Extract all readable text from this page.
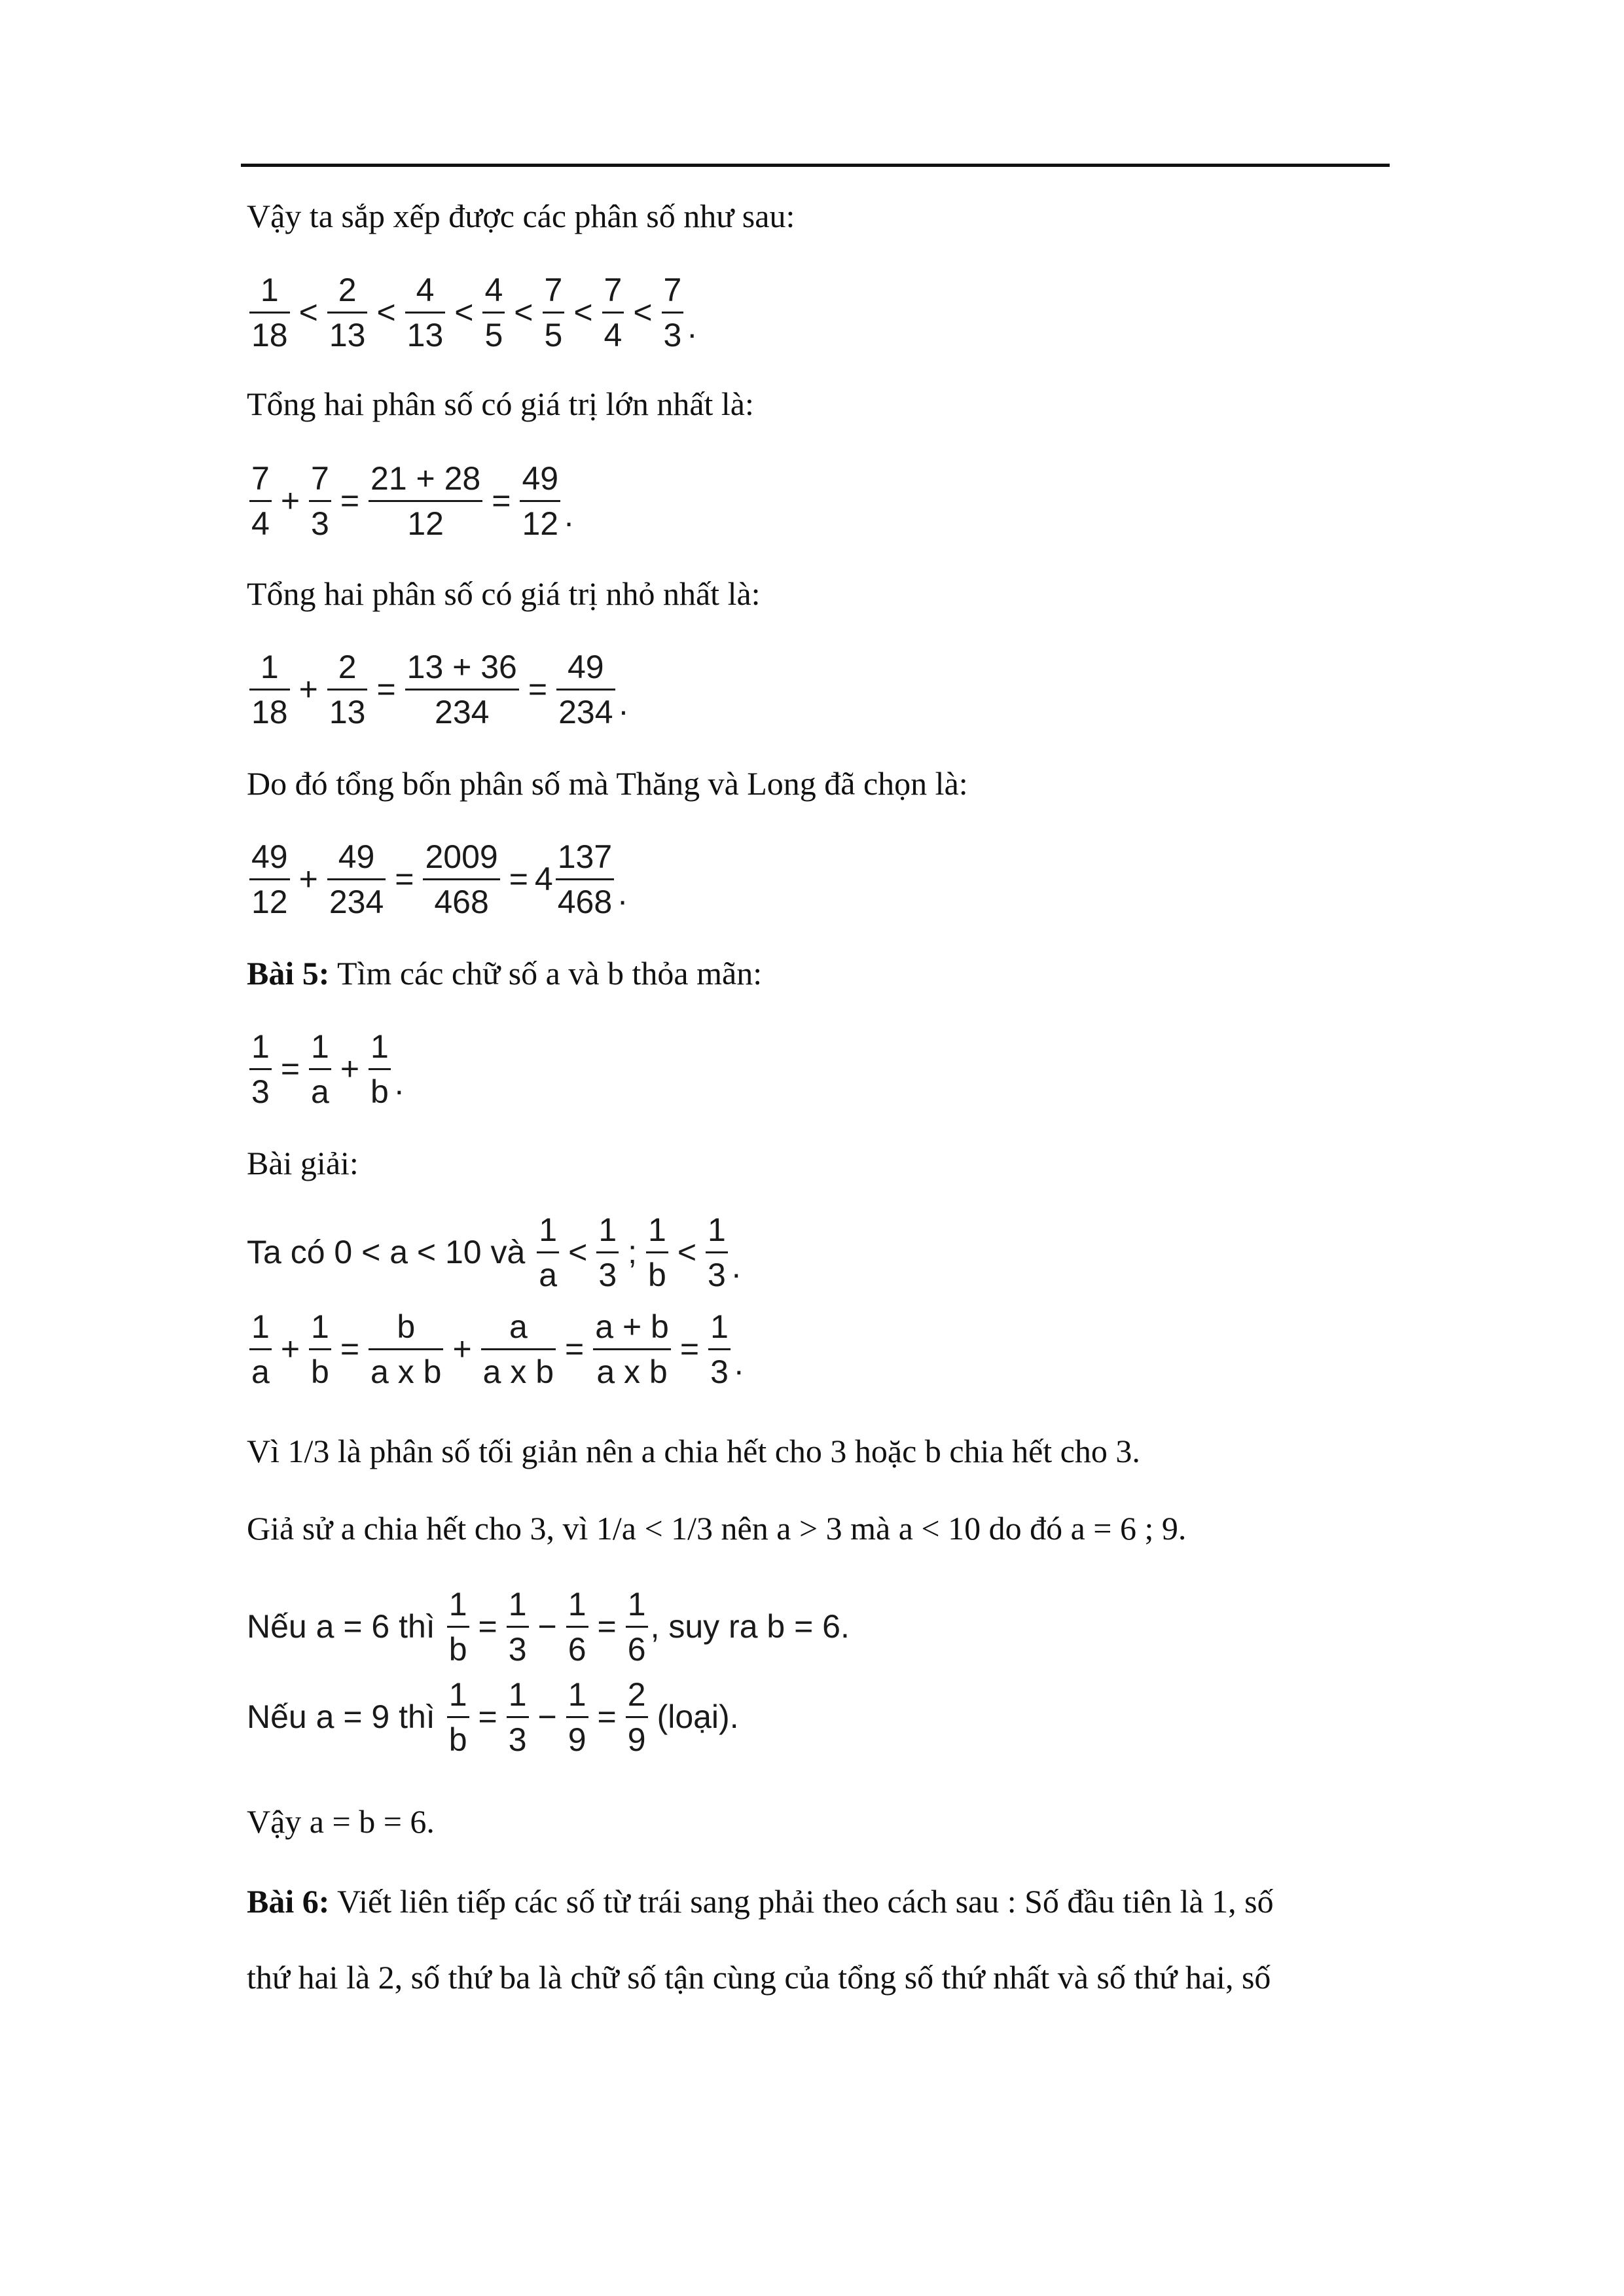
Vậy ta sắp xếp được các phân số như sau:
$\frac{1}{18} < \frac{2}{13} < \frac{4}{13} < \frac{4}{5} < \frac{7}{5} < \frac{7}{4} < \frac{7}{3}$ .
Tổng hai phân số có giá trị lớn nhất là:
$\frac{7}{4} + \frac{7}{3} = \frac{21 + 28}{12} = \frac{49}{12}$ .
Tổng hai phân số có giá trị nhỏ nhất là:
$\frac{1}{18} + \frac{2}{13} = \frac{13 + 36}{234} = \frac{49}{234}$ .
Do đó tổng bốn phân số mà Thăng và Long đã chọn là:
$\frac{49}{12} + \frac{49}{234} = \frac{2009}{468} = 4 \frac{137}{468}$ .
Bài 5: Tìm các chữ số a và b thỏa mãn:
$\frac{1}{3} = \frac{1}{a} + \frac{1}{b}$ .
Bài giải:
Ta có 0 < a < 10 và $\frac{1}{a} < \frac{1}{3}$ ; $\frac{1}{b} < \frac{1}{3}$ .
$\frac{1}{a} + \frac{1}{b} = \frac{b}{\text{a x b}} + \frac{a}{\text{a x b}} = \frac{a + b}{\text{a x b}} = \frac{1}{3}$ .
Vì 1/3 là phân số tối giản nên a chia hết cho 3 hoặc b chia hết cho 3.
Giả sử a chia hết cho 3, vì 1/a < 1/3 nên a > 3 mà a < 10 do đó a = 6 ; 9.
Nếu a = 6 thì $\frac{1}{b} = \frac{1}{3} - \frac{1}{6} = \frac{1}{6}$ , suy ra b = 6.
Nếu a = 9 thì $\frac{1}{b} = \frac{1}{3} - \frac{1}{9} = \frac{2}{9}$ (loại).
Vậy a = b = 6.
Bài 6: Viết liên tiếp các số từ trái sang phải theo cách sau : Số đầu tiên là 1, số
thứ hai là 2, số thứ ba là chữ số tận cùng của tổng số thứ nhất và số thứ hai, số
